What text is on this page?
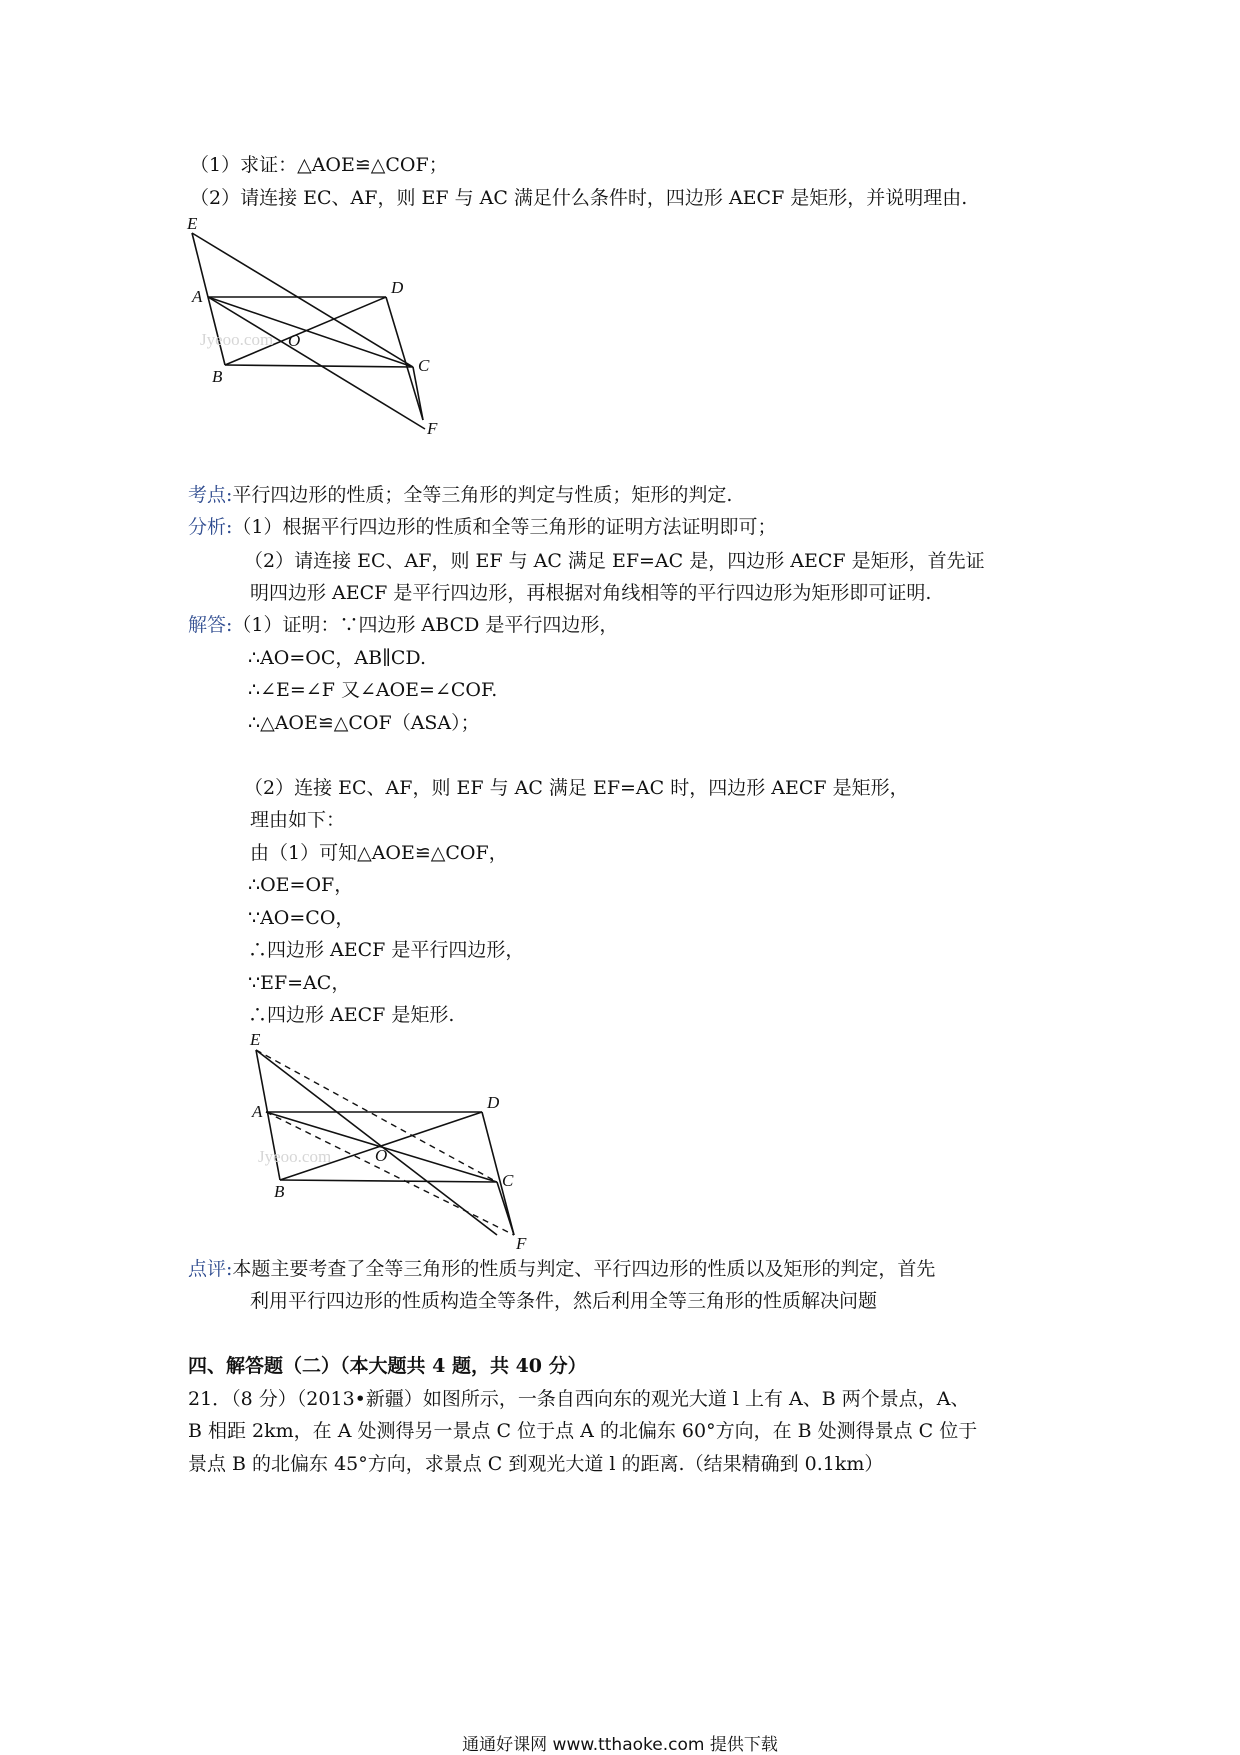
（1）求证：△AOE≌△COF；
（2）请连接 EC、AF，则 EF 与 AC 满足什么条件时，四边形 AECF 是矩形，并说明理由.
Jyeoo.com
E
A	D
O
B
C
F
考点:平行四边形的性质；全等三角形的判定与性质；矩形的判定.
分析:（1）根据平行四边形的性质和全等三角形的证明方法证明即可；
（2）请连接 EC、AF，则 EF 与 AC 满足 EF=AC 是，四边形 AECF 是矩形，首先证
明四边形 AECF 是平行四边形，再根据对角线相等的平行四边形为矩形即可证明.
解答:（1）证明：∵四边形 ABCD 是平行四边形，
∴AO=OC，AB∥CD.
∴∠E=∠F 又∠AOE=∠COF.
∴△AOE≌△COF（ASA）；
（2）连接 EC、AF，则 EF 与 AC 满足 EF=AC 时，四边形 AECF 是矩形，
理由如下：
由（1）可知△AOE≌△COF，
∴OE=OF，
∵AO=CO，
∴四边形 AECF 是平行四边形，
∵EF=AC，
∴四边形 AECF 是矩形.
Jyeoo.com
E
A	D
O
B
C
F
点评:本题主要考查了全等三角形的性质与判定、平行四边形的性质以及矩形的判定，首先
利用平行四边形的性质构造全等条件，然后利用全等三角形的性质解决问题
四、解答题（二）（本大题共 4 题，共 40 分）
21．（8 分）（2013•新疆）如图所示，一条自西向东的观光大道 l 上有 A、B 两个景点，A、
B 相距 2km，在 A 处测得另一景点 C 位于点 A 的北偏东 60°方向，在 B 处测得景点 C 位于
景点 B 的北偏东 45°方向，求景点 C 到观光大道 l 的距离.（结果精确到 0.1km）
通通好课网 www.tthaoke.com 提供下载
